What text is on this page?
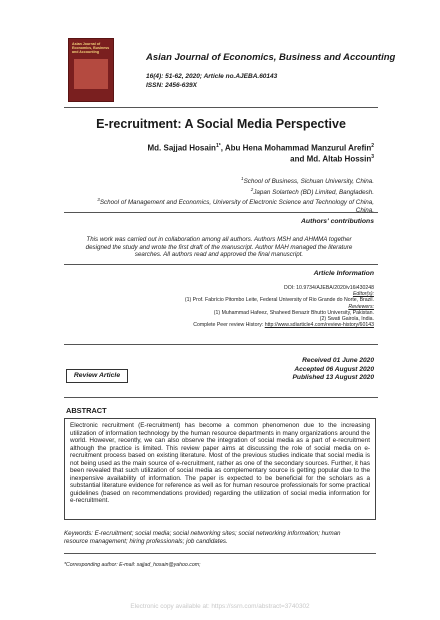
Asian Journal of
Economics, Business
and Accounting	Asian Journal of Economics, Business and Accounting
16(4): 51-62, 2020; Article no.AJEBA.60143
ISSN: 2456-639X
E-recruitment: A Social Media Perspective
Md. Sajjad Hosain$^{1*}$, Abu Hena Mohammad Manzurul Arefin$^2$
and Md. Altab Hossin$^3$
$^1$School of Business, Sichuan University, China.
$^2$Japan Solartech (BD) Limited, Bangladesh.
$^3$School of Management and Economics, University of Electronic Science and Technology of China,
China.
Authors' contributions
This work was carried out in collaboration among all authors. Authors MSH and AHMMA together
designed the study and wrote the first draft of the manuscript. Author MAH managed the literature
searches. All authors read and approved the final manuscript.
Article Information
DOI: 10.9734/AJEBA/2020/v16i430248
Editor(s):
(1) Prof. Fabrício Pitombo Leite, Federal University of Rio Grande do Norte, Brazil.
Reviewers:
(1) Muhammad Hafeez, Shaheed Benazir Bhutto University, Pakistan.
(2) Swati Gairola, India.
Complete Peer review History: http://www.sdiarticle4.com/review-history/60143
Review Article
Received 01 June 2020
Accepted 06 August 2020
Published 13 August 2020
ABSTRACT
Electronic recruitment (E-recruitment) has become a common phenomenon due to the increasing utilization of information technology by the human resource departments in many organizations around the world. However, recently, we can also observe the integration of social media as a part of e-recruitment although the practice is limited. This review paper aims at discussing the role of social media on e-recruitment process based on existing literature. Most of the previous studies indicate that social media is not being used as the main source of e-recruitment, rather as one of the secondary sources. Further, it has been revealed that such utilization of social media as complementary source is getting popular due to the inexpensive availability of information. The paper is expected to be beneficial for the scholars as a substantial literature evidence for reference as well as for human resource professionals for some practical guidelines (based on recommendations provided) regarding the utilization of social media information for e-recruitment.
Keywords: E-recruitment; social media; social networking sites; social networking information; human
resource management; hiring professionals; job candidates.
*Corresponding author: E-mail: sajjad_hosain@yahoo.com;
Electronic copy available at: https://ssrn.com/abstract=3740302
